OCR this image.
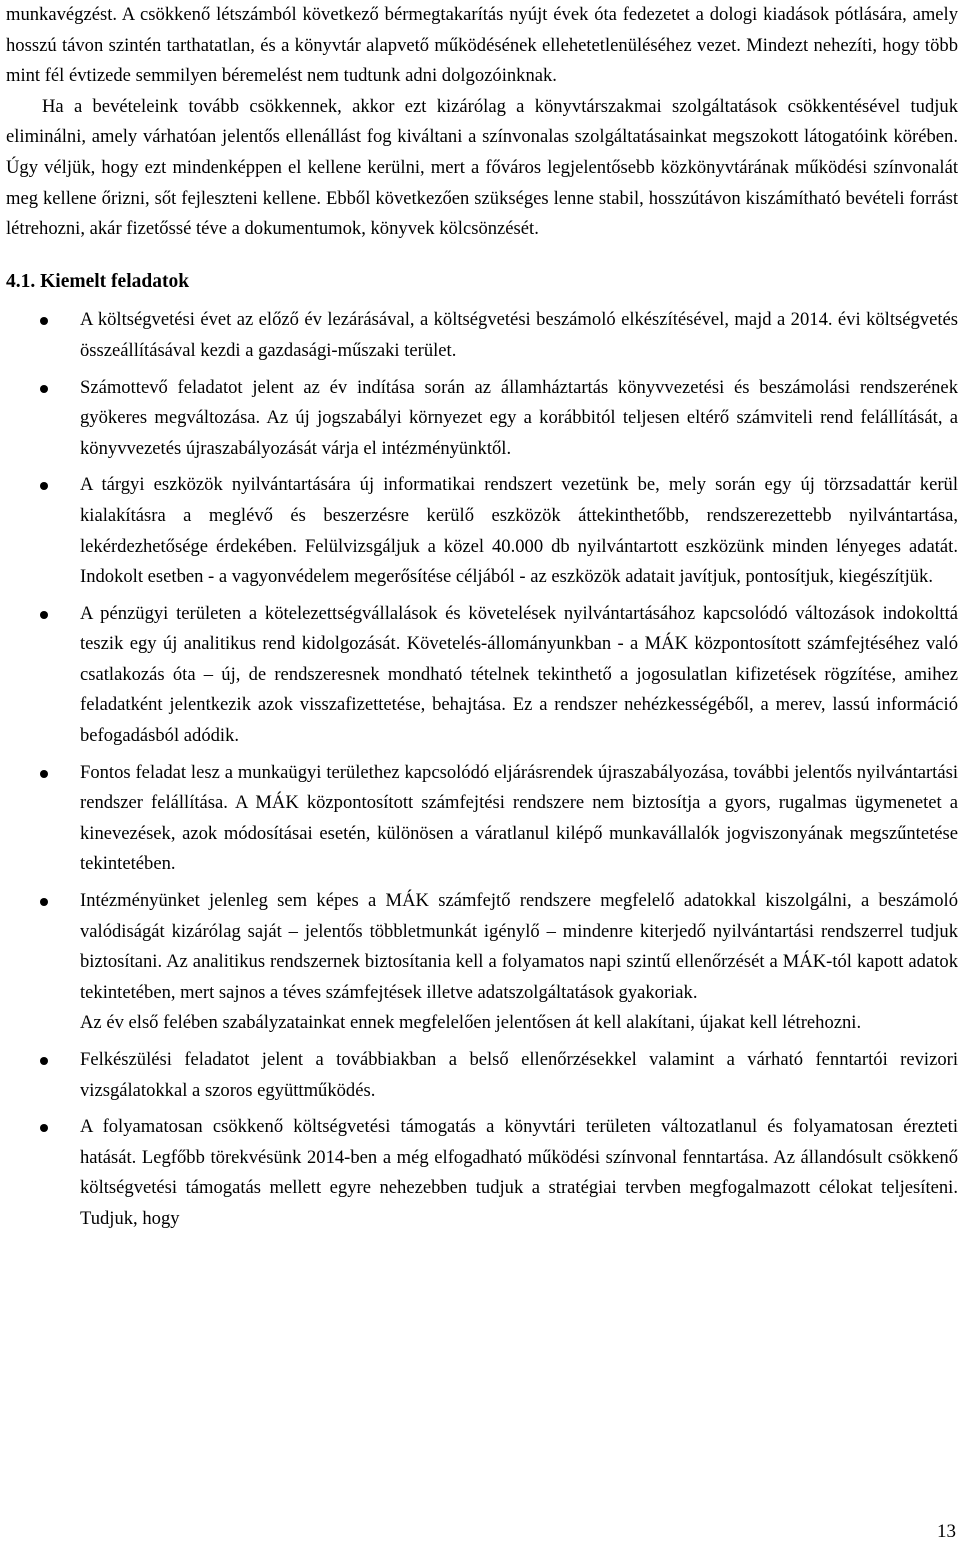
munkavégzést. A csökkenő létszámból következő bérmegtakarítás nyújt évek óta fedezetet a dologi kiadások pótlására, amely hosszú távon szintén tarthatatlan, és a könyvtár alapvető működésének ellehetetlenüléséhez vezet. Mindezt nehezíti, hogy több mint fél évtizede semmilyen béremelést nem tudtunk adni dolgozóinknak.

Ha a bevételeink tovább csökkennek, akkor ezt kizárólag a könyvtárszakmai szolgáltatások csökkentésével tudjuk eliminálni, amely várhatóan jelentős ellenállást fog kiváltani a színvonalas szolgáltatásainkat megszokott látogatóink körében. Úgy véljük, hogy ezt mindenképpen el kellene kerülni, mert a főváros legjelentősebb közkönyvtárának működési színvonalát meg kellene őrizni, sőt fejleszteni kellene. Ebből következően szükséges lenne stabil, hosszútávon kiszámítható bevételi forrást létrehozni, akár fizetőssé téve a dokumentumok, könyvek kölcsönzését.

4.1. Kiemelt feladatok
A költségvetési évet az előző év lezárásával, a költségvetési beszámoló elkészítésével, majd a 2014. évi költségvetés összeállításával kezdi a gazdasági-műszaki terület.
Számottevő feladatot jelent az év indítása során az államháztartás könyvvezetési és beszámolási rendszerének gyökeres megváltozása. Az új jogszabályi környezet egy a korábbitól teljesen eltérő számviteli rend felállítását, a könyvvezetés újraszabályozását várja el intézményünktől.
A tárgyi eszközök nyilvántartására új informatikai rendszert vezetünk be, mely során egy új törzsadattár kerül kialakításra a meglévő és beszerzésre kerülő eszközök áttekinthetőbb, rendszerezettebb nyilvántartása, lekérdezhetősége érdekében. Felülvizsgáljuk a közel 40.000 db nyilvántartott eszközünk minden lényeges adatát. Indokolt esetben - a vagyonvédelem megerősítése céljából - az eszközök adatait javítjuk, pontosítjuk, kiegészítjük.
A pénzügyi területen a kötelezettségvállalások és követelések nyilvántartásához kapcsolódó változások indokolttá teszik egy új analitikus rend kidolgozását. Követelés-állományunkban - a MÁK központosított számfejtéséhez való csatlakozás óta – új, de rendszeresnek mondható tételnek tekinthető a jogosulatlan kifizetések rögzítése, amihez feladatként jelentkezik azok visszafizettetése, behajtása. Ez a rendszer nehézkességéből, a merev, lassú információ befogadásból adódik.
Fontos feladat lesz a munkaügyi területhez kapcsolódó eljárásrendek újraszabályozása, további jelentős nyilvántartási rendszer felállítása. A MÁK központosított számfejtési rendszere nem biztosítja a gyors, rugalmas ügymenetet a kinevezések, azok módosításai esetén, különösen a váratlanul kilépő munkavállalók jogviszonyának megszűntetése tekintetében.
Intézményünket jelenleg sem képes a MÁK számfejtő rendszere megfelelő adatokkal kiszolgálni, a beszámoló valódiságát kizárólag saját – jelentős többletmunkát igénylő – mindenre kiterjedő nyilvántartási rendszerrel tudjuk biztosítani. Az analitikus rendszernek biztosítania kell a folyamatos napi szintű ellenőrzését a MÁK-tól kapott adatok tekintetében, mert sajnos a téves számfejtések illetve adatszolgáltatások gyakoriak.
Az év első felében szabályzatainkat ennek megfelelően jelentősen át kell alakítani, újakat kell létrehozni.
Felkészülési feladatot jelent a továbbiakban a belső ellenőrzésekkel valamint a várható fenntartói revizori vizsgálatokkal a szoros együttműködés.
A folyamatosan csökkenő költségvetési támogatás a könyvtári területen változatlanul és folyamatosan érezteti hatását. Legfőbb törekvésünk 2014-ben a még elfogadható működési színvonal fenntartása. Az állandósult csökkenő költségvetési támogatás mellett egyre nehezebben tudjuk a stratégiai tervben megfogalmazott célokat teljesíteni. Tudjuk, hogy
13
